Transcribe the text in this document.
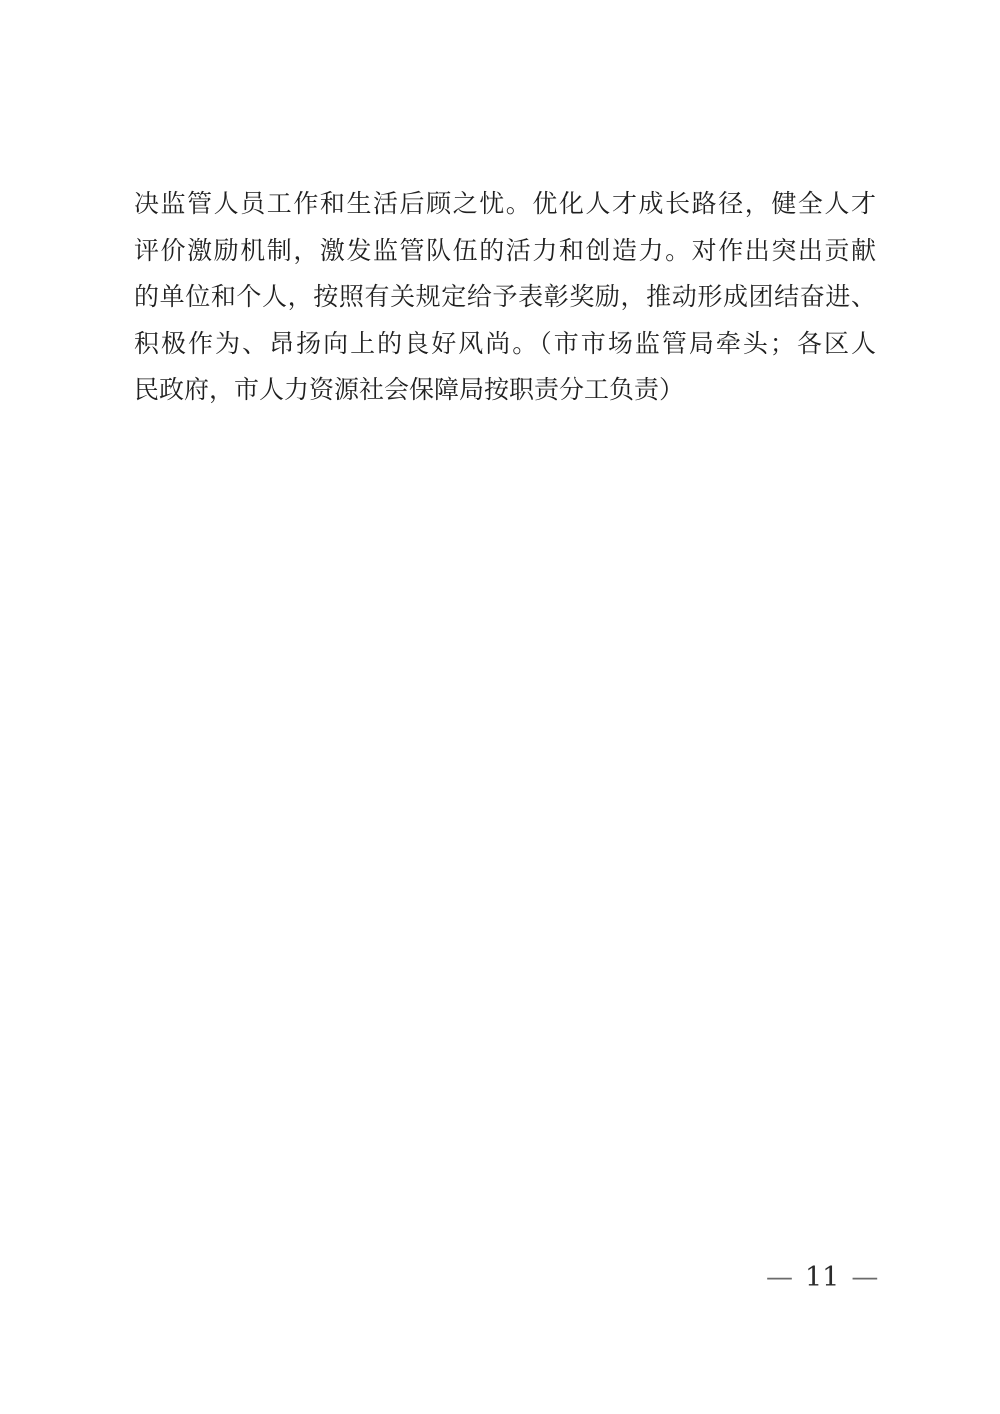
决监管人员工作和生活后顾之忧。优化人才成长路径，健全人才
评价激励机制，激发监管队伍的活力和创造力。对作出突出贡献
的单位和个人，按照有关规定给予表彰奖励，推动形成团结奋进、
积极作为、昂扬向上的良好风尚。（市市场监管局牵头；各区人
民政府，市人力资源社会保障局按职责分工负责）
— 11 —
